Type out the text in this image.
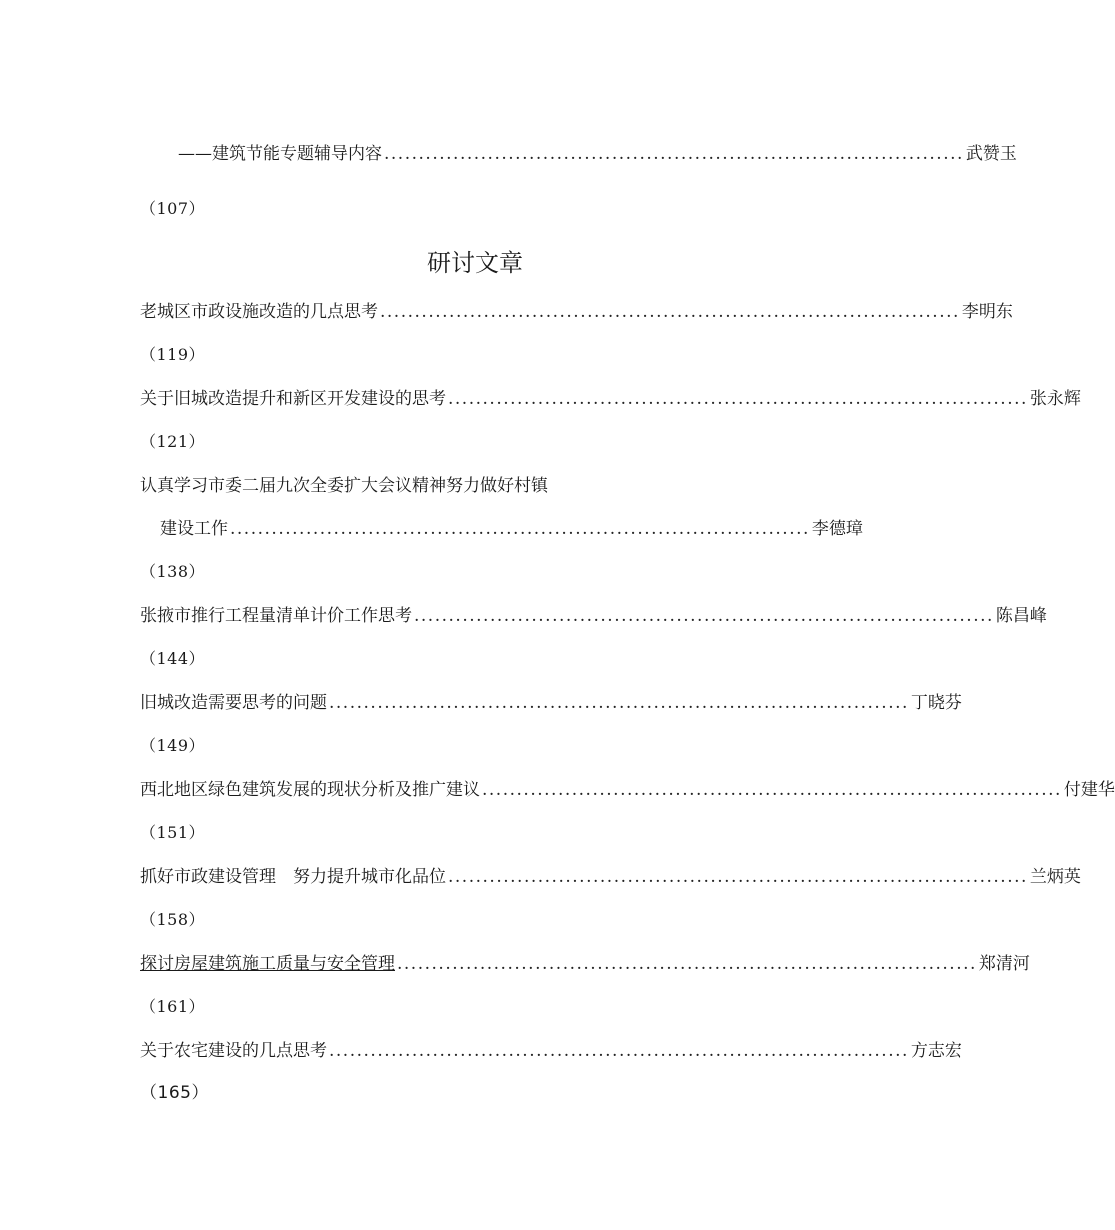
——建筑节能专题辅导内容 .................................................................................... 武 赞 玉
（107）
研讨文章
老城区市政设施改造的几点思考 .................................................................................... 李 明 东
（119）
关于旧城改造提升和新区开发建设的思考 .................................................................................... 张 永 辉
（121）
认真学习市委二届九次全委扩大会议精神努力做好村镇
建设工作 .................................................................................... 李 德 璋
（138）
张掖市推行工程量清单计价工作思考 .................................................................................... 陈 昌 峰
（144）
旧城改造需要思考的问题 .................................................................................... 丁 晓 芬
（149）
西北地区绿色建筑发展的现状分析及推广建议 .................................................................................... 付 建 华
（151）
抓好市政建设管理　努力提升城市化品位 .................................................................................... 兰 炳 英
（158）
探讨房屋建筑施工质量与安全管理 .................................................................................... 郑 清 河
（161）
关于农宅建设的几点思考 .................................................................................... 方 志 宏
（165）
